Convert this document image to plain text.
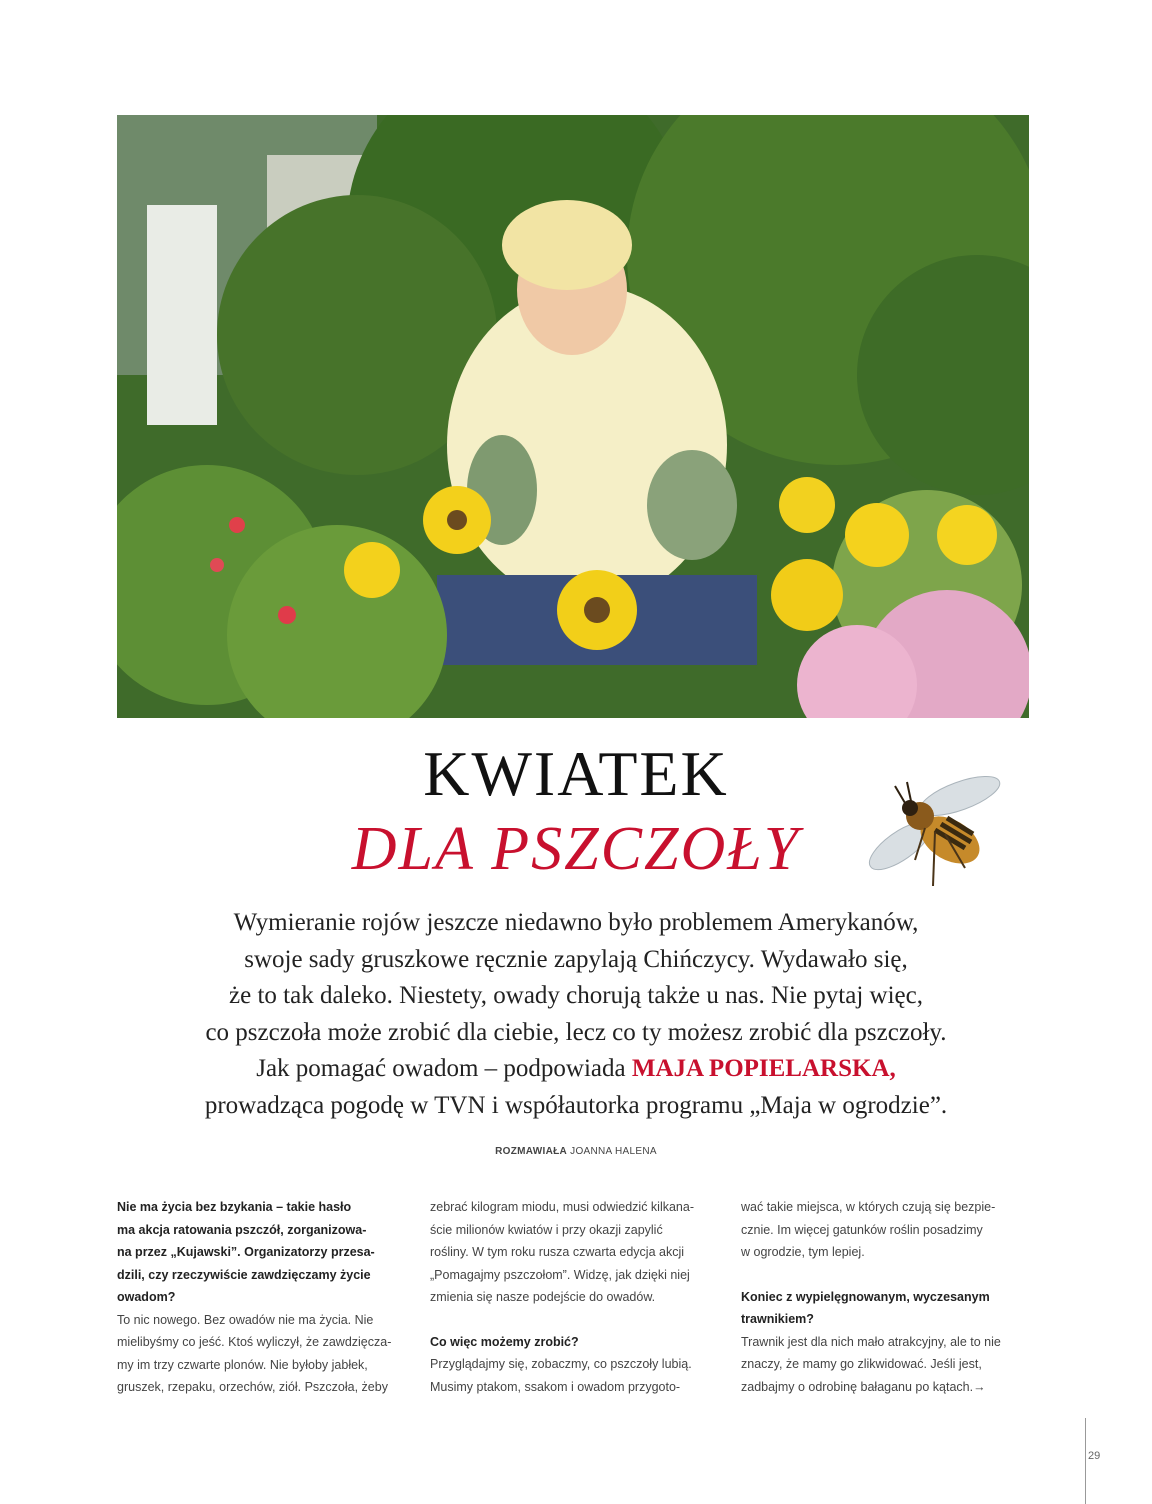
KWIATEK
DLA PSZCZOŁY
Wymieranie rojów jeszcze niedawno było problemem Amerykanów,
swoje sady gruszkowe ręcznie zapylają Chińczycy. Wydawało się,
że to tak daleko. Niestety, owady chorują także u nas. Nie pytaj więc,
co pszczoła może zrobić dla ciebie, lecz co ty możesz zrobić dla pszczoły.
Jak pomagać owadom – podpowiada MAJA POPIELARSKA,
prowadząca pogodę w TVN i współautorka programu „Maja w ogrodzie”.
ROZMAWIAŁA JOANNA HALENA

Nie ma życia bez bzykania – takie hasło

ma akcja ratowania pszczół, zorganizowa-

na przez „Kujawski”. Organizatorzy przesa-

dzili, czy rzeczywiście zawdzięczamy życie

owadom?

To nic nowego. Bez owadów nie ma życia. Nie

mielibyśmy co jeść. Ktoś wyliczył, że zawdzięcza-

my im trzy czwarte plonów. Nie byłoby jabłek,

gruszek, rzepaku, orzechów, ziół. Pszczoła, żeby

zebrać kilogram miodu, musi odwiedzić kilkana-

ście milionów kwiatów i przy okazji zapylić

rośliny. W tym roku rusza czwarta edycja akcji

„Pomagajmy pszczołom”. Widzę, jak dzięki niej

zmienia się nasze podejście do owadów.

Co więc możemy zrobić?

Przyglądajmy się, zobaczmy, co pszczoły lubią.

Musimy ptakom, ssakom i owadom przygoto-

wać takie miejsca, w których czują się bezpie-

cznie. Im więcej gatunków roślin posadzimy

w ogrodzie, tym lepiej.

Koniec z wypielęgnowanym, wyczesanym

trawnikiem?

Trawnik jest dla nich mało atrakcyjny, ale to nie

znaczy, że mamy go zlikwidować. Jeśli jest,

zadbajmy o odrobinę bałaganu po kątach.→

29
